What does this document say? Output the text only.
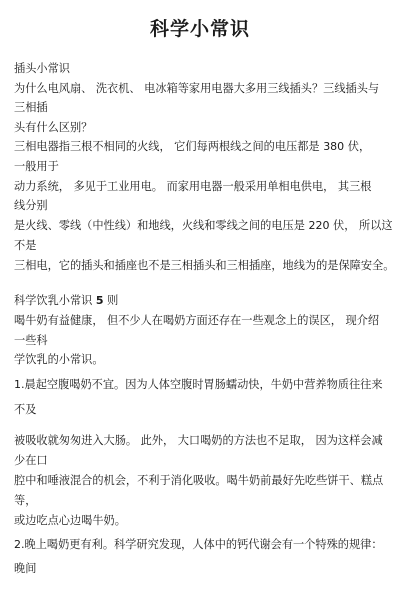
科学小常识
插头小常识
为什么电风扇、 洗衣机、 电冰箱等家用电器大多用三线插头？三线插头与
三相插
头有什么区别？
三相电器指三根不相同的火线， 它们每两根线之间的电压都是 380 伏，
一般用于
动力系统， 多见于工业用电。 而家用电器一般采用单相电供电， 其三根
线分别
是火线、零线（中性线）和地线，火线和零线之间的电压是 220 伏， 所以这
不是
三相电，它的插头和插座也不是三相插头和三相插座，地线为的是保障安全。
科学饮乳小常识 5 则
喝牛奶有益健康， 但不少人在喝奶方面还存在一些观念上的误区， 现介绍
一些科
学饮乳的小常识。
1.晨起空腹喝奶不宜。因为人体空腹时胃肠蠕动快，牛奶中营养物质往往来
不及
被吸收就匆匆进入大肠。 此外， 大口喝奶的方法也不足取， 因为这样会减
少在口
腔中和唾液混合的机会，不利于消化吸收。喝牛奶前最好先吃些饼干、糕点
等，
或边吃点心边喝牛奶。
2.晚上喝奶更有利。科学研究发现，人体中的钙代谢会有一个特殊的规律：
晚间
